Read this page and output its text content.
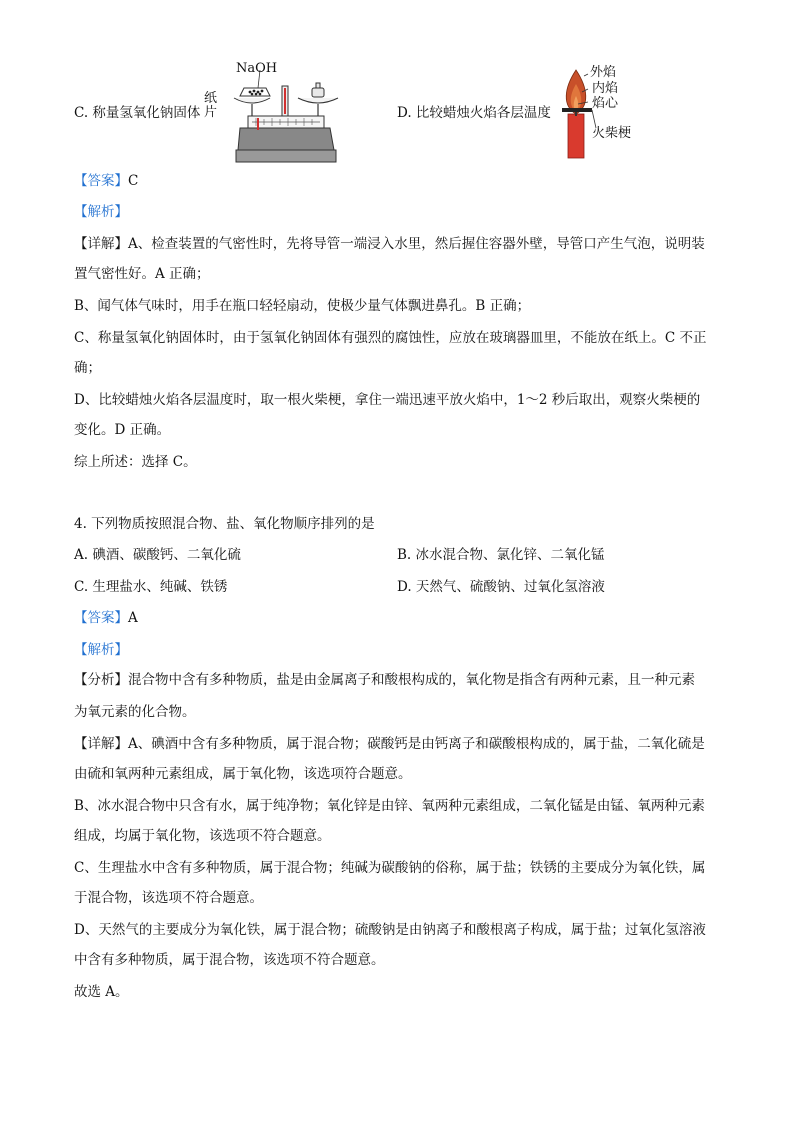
C. 称量氢氧化钠固体
NaOH
纸
片	D. 比较蜡烛火焰各层温度
外焰
内焰
焰心
火柴梗
【答案】C
【解析】
【详解】A、检查装置的气密性时，先将导管一端浸入水里，然后握住容器外壁，导管口产生气泡，说明装
置气密性好。A 正确；
B、闻气体气味时，用手在瓶口轻轻扇动，使极少量气体飘进鼻孔。B 正确；
C、称量氢氧化钠固体时，由于氢氧化钠固体有强烈的腐蚀性，应放在玻璃器皿里，不能放在纸上。C 不正
确；
D、比较蜡烛火焰各层温度时，取一根火柴梗，拿住一端迅速平放火焰中，1～2 秒后取出，观察火柴梗的
变化。D 正确。
综上所述：选择 C。
4. 下列物质按照混合物、盐、氧化物顺序排列的是
A. 碘酒、碳酸钙、二氧化硫	B. 冰水混合物、氯化锌、二氧化锰
C. 生理盐水、纯碱、铁锈	D. 天然气、硫酸钠、过氧化氢溶液
【答案】A
【解析】
【分析】混合物中含有多种物质，盐是由金属离子和酸根构成的，氧化物是指含有两种元素，且一种元素
为氧元素的化合物。
【详解】A、碘酒中含有多种物质，属于混合物；碳酸钙是由钙离子和碳酸根构成的，属于盐，二氧化硫是
由硫和氧两种元素组成，属于氧化物，该选项符合题意。
B、冰水混合物中只含有水，属于纯净物；氧化锌是由锌、氧两种元素组成，二氧化锰是由锰、氧两种元素
组成，均属于氧化物，该选项不符合题意。
C、生理盐水中含有多种物质，属于混合物；纯碱为碳酸钠的俗称，属于盐；铁锈的主要成分为氧化铁，属
于混合物，该选项不符合题意。
D、天然气的主要成分为氧化铁，属于混合物；硫酸钠是由钠离子和酸根离子构成，属于盐；过氧化氢溶液
中含有多种物质，属于混合物，该选项不符合题意。
故选 A。
